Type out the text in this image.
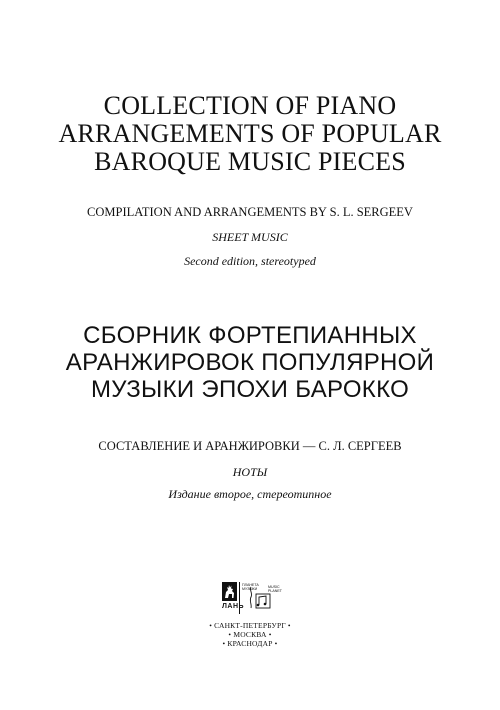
COLLECTION OF PIANO
ARRANGEMENTS OF POPULAR
BAROQUE MUSIC PIECES
COMPILATION AND ARRANGEMENTS BY S. L. SERGEEV
SHEET MUSIC
Second edition, stereotyped
СБОРНИК ФОРТЕПИАННЫХ
АРАНЖИРОВОК ПОПУЛЯРНОЙ
МУЗЫКИ ЭПОХИ БАРОККО
СОСТАВЛЕНИЕ И АРАНЖИРОВКИ — С. Л. СЕРГЕЕВ
НОТЫ
Издание второе, стереотипное
ПЛАНЕТА
МУЗЫКИ	MUSIC
PLANET
ЛАНЬ
• САНКТ-ПЕТЕРБУРГ •
• МОСКВА •
• КРАСНОДАР •
